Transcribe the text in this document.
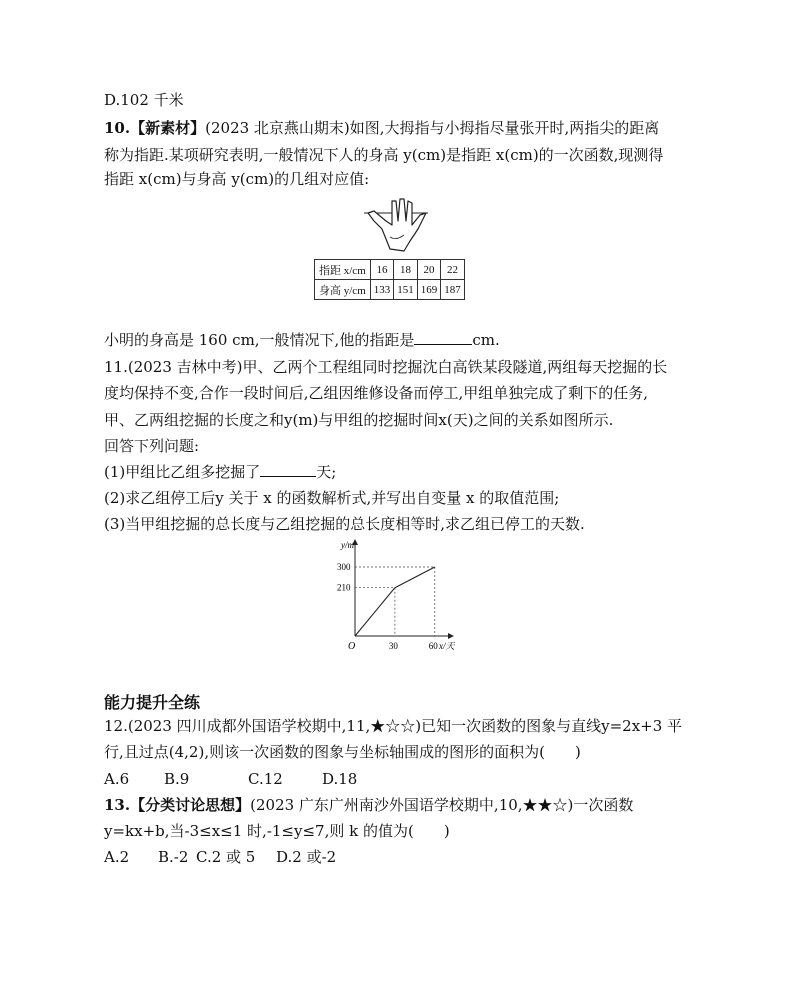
D.102 千米
10.【新素材】(2023 北京燕山期末)如图,大拇指与小拇指尽量张开时,两指尖的距离
称为指距.某项研究表明,一般情况下人的身高 y(cm)是指距 x(cm)的一次函数,现测得
指距 x(cm)与身高 y(cm)的几组对应值:
指距 x/cm	16	18	20	22
身高 y/cm	133	151	169	187
小明的身高是 160 cm,一般情况下,他的指距是	cm.
11.(2023 吉林中考)甲、乙两个工程组同时挖掘沈白高铁某段隧道,两组每天挖掘的长
度均保持不变,合作一段时间后,乙组因维修设备而停工,甲组单独完成了剩下的任务,
甲、乙两组挖掘的长度之和y(m)与甲组的挖掘时间x(天)之间的关系如图所示.
回答下列问题:
(1)甲组比乙组多挖掘了	天;
(2)求乙组停工后y 关于 x 的函数解析式,并写出自变量 x 的取值范围;
(3)当甲组挖掘的总长度与乙组挖掘的总长度相等时,求乙组已停工的天数.
y/m
x/天
O	30	60
210
300
能力提升全练
12.(2023 四川成都外国语学校期中,11,★☆☆)已知一次函数的图象与直线y=2x+3 平
行,且过点(4,2),则该一次函数的图象与坐标轴围成的图形的面积为(　　)
A.6 B.9	C.12	D.18
13.【分类讨论思想】(2023 广东广州南沙外国语学校期中,10,★★☆)一次函数
y=kx+b,当-3≤x≤1 时,-1≤y≤7,则 k 的值为(　　)
A.2 B.-2 C.2 或 5 D.2 或-2
